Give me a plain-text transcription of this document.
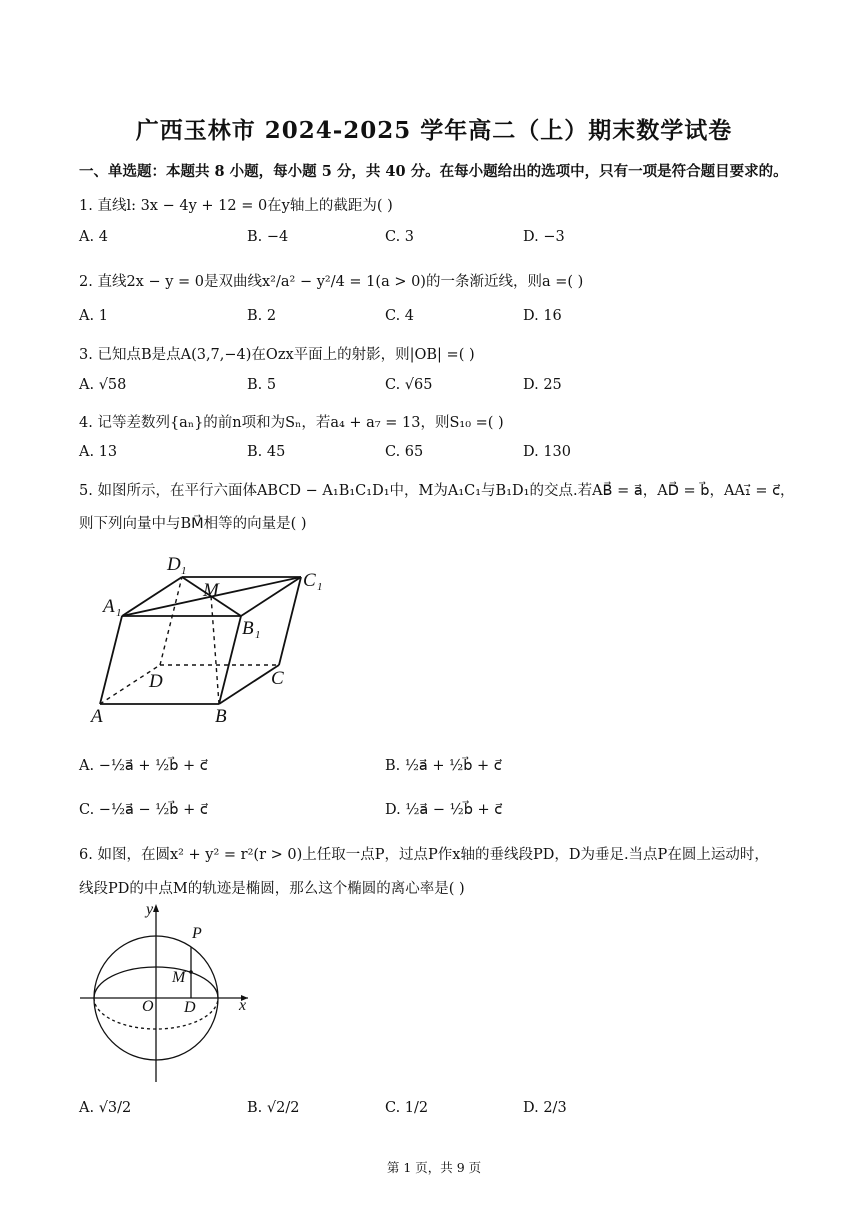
广西玉林市 2024-2025 学年高二（上）期末数学试卷
一、单选题：本题共 8 小题，每小题 5 分，共 40 分。在每小题给出的选项中，只有一项是符合题目要求的。
1. 直线l: 3x − 4y + 12 = 0在y轴上的截距为( )
A. 4	B. −4	C. 3	D. −3
2. 直线2x − y = 0是双曲线x²/a² − y²/4 = 1(a > 0)的一条渐近线，则a =( )
A. 1	B. 2	C. 4	D. 16
3. 已知点B是点A(3,7,−4)在Ozx平面上的射影，则|OB| =( )
A. √58	B. 5	C. √65	D. 25
4. 记等差数列{aₙ}的前n项和为Sₙ，若a₄ + a₇ = 13，则S₁₀ =( )
A. 13	B. 45	C. 65	D. 130
5. 如图所示，在平行六面体ABCD − A₁B₁C₁D₁中，M为A₁C₁与B₁D₁的交点.若AB⃗ = a⃗，AD⃗ = b⃗，AA₁⃗ = c⃗，
则下列向量中与BM⃗相等的向量是( )
D 1
M	C 1
A 1
B 1
D	C
A	B
A. −½a⃗ + ½b⃗ + c⃗	B. ½a⃗ + ½b⃗ + c⃗
C. −½a⃗ − ½b⃗ + c⃗	D. ½a⃗ − ½b⃗ + c⃗
6. 如图，在圆x² + y² = r²(r > 0)上任取一点P，过点P作x轴的垂线段PD，D为垂足.当点P在圆上运动时，
线段PD的中点M的轨迹是椭圆，那么这个椭圆的离心率是( )
y
x
P
M
O D
A. √3/2	B. √2/2	C. 1/2	D. 2/3
第 1 页，共 9 页
